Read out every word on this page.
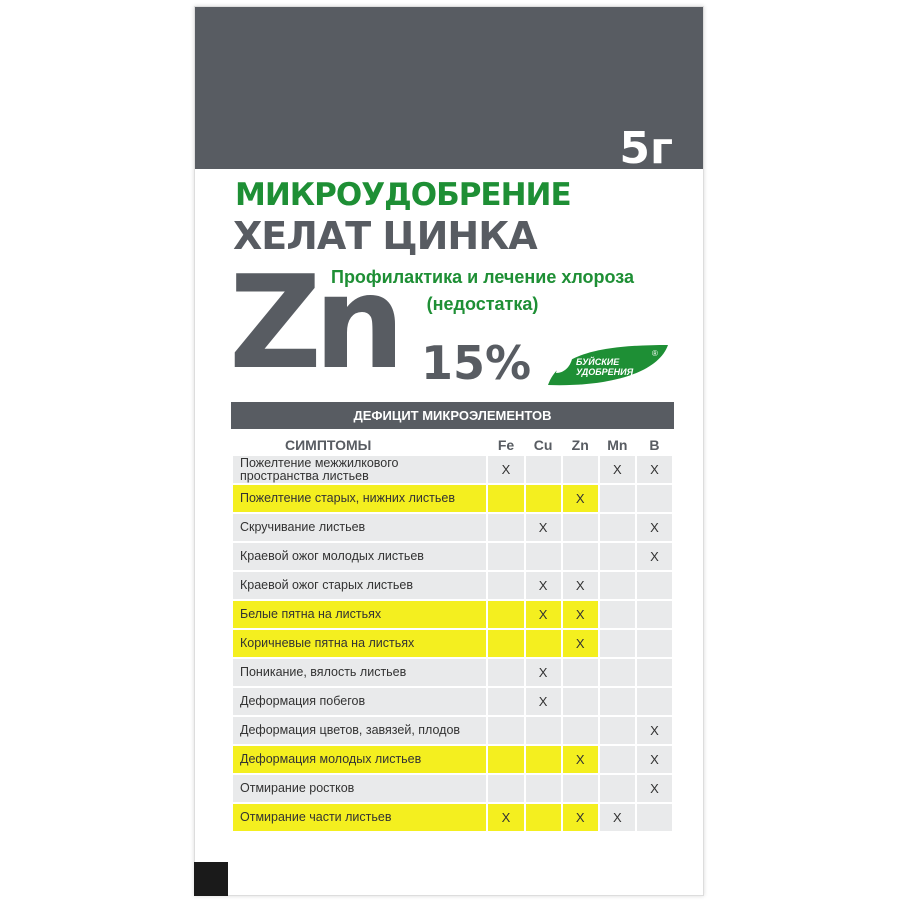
5г
МИКРОУДОБРЕНИЕ
ХЕЛАТ ЦИНКА
Профилактика и лечение хлороза
(недостатка)
Zn 15%	БУЙСКИЕ
УДОБРЕНИЯ
®
ДЕФИЦИТ МИКРОЭЛЕМЕНТОВ
СИМПТОМЫ	Fe	Cu	Zn	Mn	B

Пожелтение межжилкового
пространства листьев	X			X	X
Пожелтение старых, нижних листьев			X		
Скручивание листьев		X			X
Краевой ожог молодых листьев					X
Краевой ожог старых листьев		X	X		
Белые пятна на листьях		X	X		
Коричневые пятна на листьях			X		
Поникание, вялость листьев		X			
Деформация побегов		X			
Деформация цветов, завязей, плодов					X
Деформация молодых листьев			X		X
Отмирание ростков					X
Отмирание части листьев	X		X	X	
